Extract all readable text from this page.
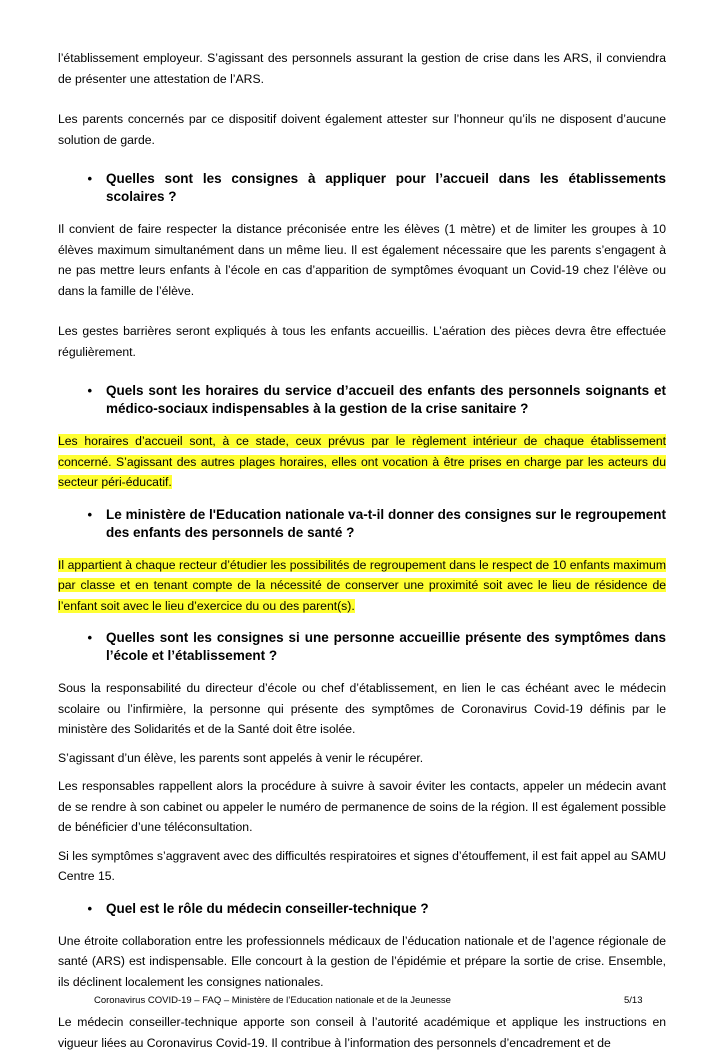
l’établissement employeur. S’agissant des personnels assurant la gestion de crise dans les ARS, il conviendra de présenter une attestation de l’ARS.

Les parents concernés par ce dispositif doivent également attester sur l’honneur qu’ils ne disposent d’aucune solution de garde.

•	Quelles sont les consignes à appliquer pour l’accueil dans les établissements scolaires ?

Il convient de faire respecter la distance préconisée entre les élèves (1 mètre) et de limiter les groupes à 10 élèves maximum simultanément dans un même lieu. Il est également nécessaire que les parents s’engagent à ne pas mettre leurs enfants à l’école en cas d’apparition de symptômes évoquant un Covid-19 chez l’élève ou dans la famille de l’élève.

Les gestes barrières seront expliqués à tous les enfants accueillis. L’aération des pièces devra être effectuée régulièrement.

•	Quels sont les horaires du service d’accueil des enfants des personnels soignants et médico-sociaux indispensables à la gestion de la crise sanitaire ?

Les horaires d’accueil sont, à ce stade, ceux prévus par le règlement intérieur de chaque établissement concerné. S’agissant des autres plages horaires, elles ont vocation à être prises en charge par les acteurs du secteur péri-éducatif.

•	Le ministère de l'Education nationale va-t-il donner des consignes sur le regroupement des enfants des personnels de santé ?

Il appartient à chaque recteur d’étudier les possibilités de regroupement dans le respect de 10 enfants maximum par classe et en tenant compte de la nécessité de conserver une proximité soit avec le lieu de résidence de l’enfant soit avec le lieu d’exercice du ou des parent(s).

•	Quelles sont les consignes si une personne accueillie présente des symptômes dans l’école et l’établissement ?

Sous la responsabilité du directeur d’école ou chef d’établissement, en lien le cas échéant avec le médecin scolaire ou l’infirmière, la personne qui présente des symptômes de Coronavirus Covid-19 définis par le ministère des Solidarités et de la Santé doit être isolée.

S’agissant d’un élève, les parents sont appelés à venir le récupérer.

Les responsables rappellent alors la procédure à suivre à savoir éviter les contacts, appeler un médecin avant de se rendre à son cabinet ou appeler le numéro de permanence de soins de la région. Il est également possible de bénéficier d’une téléconsultation.

Si les symptômes s’aggravent avec des difficultés respiratoires et signes d’étouffement, il est fait appel au SAMU Centre 15.

•	Quel est le rôle du médecin conseiller-technique ?

Une étroite collaboration entre les professionnels médicaux de l’éducation nationale et de l’agence régionale de santé (ARS) est indispensable. Elle concourt à la gestion de l’épidémie et prépare la sortie de crise. Ensemble, ils déclinent localement les consignes nationales.

Le médecin conseiller-technique apporte son conseil à l’autorité académique et applique les instructions en vigueur liées au Coronavirus Covid-19. Il contribue à l’information des personnels d’encadrement et de

Coronavirus COVID-19 – FAQ – Ministère de l’Education nationale et de la Jeunesse	5/13
